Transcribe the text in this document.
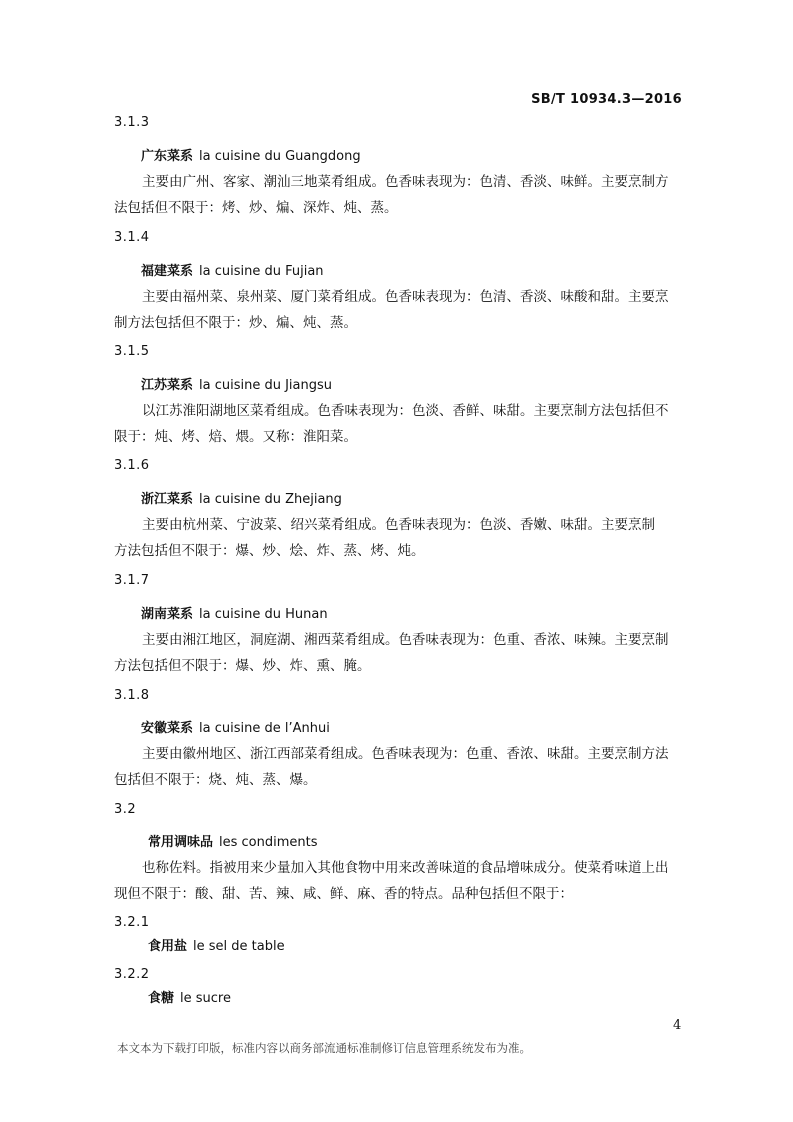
SB/T 10934.3—2016
3.1.3
广东菜系 la cuisine du Guangdong
主要由广州、客家、潮汕三地菜肴组成。色香味表现为：色清、香淡、味鲜。主要烹制方
法包括但不限于：烤、炒、煸、深炸、炖、蒸。
3.1.4
福建菜系 la cuisine du Fujian
主要由福州菜、泉州菜、厦门菜肴组成。色香味表现为：色清、香淡、味酸和甜。主要烹
制方法包括但不限于：炒、煸、炖、蒸。
3.1.5
江苏菜系 la cuisine du Jiangsu
以江苏淮阳湖地区菜肴组成。色香味表现为：色淡、香鲜、味甜。主要烹制方法包括但不
限于：炖、烤、焙、煨。又称：淮阳菜。
3.1.6
浙江菜系 la cuisine du Zhejiang
主要由杭州菜、宁波菜、绍兴菜肴组成。色香味表现为：色淡、香嫩、味甜。主要烹制
方法包括但不限于：爆、炒、烩、炸、蒸、烤、炖。
3.1.7
湖南菜系 la cuisine du Hunan
主要由湘江地区，洞庭湖、湘西菜肴组成。色香味表现为：色重、香浓、味辣。主要烹制
方法包括但不限于：爆、炒、炸、熏、腌。
3.1.8
安徽菜系 la cuisine de l’Anhui
主要由徽州地区、浙江西部菜肴组成。色香味表现为：色重、香浓、味甜。主要烹制方法
包括但不限于：烧、炖、蒸、爆。
3.2
常用调味品 les condiments
也称佐料。指被用来少量加入其他食物中用来改善味道的食品增味成分。使菜肴味道上出
现但不限于：酸、甜、苦、辣、咸、鲜、麻、香的特点。品种包括但不限于：
3.2.1
食用盐 le sel de table
3.2.2
食糖 le sucre
4
本文本为下载打印版，标准内容以商务部流通标准制修订信息管理系统发布为准。
